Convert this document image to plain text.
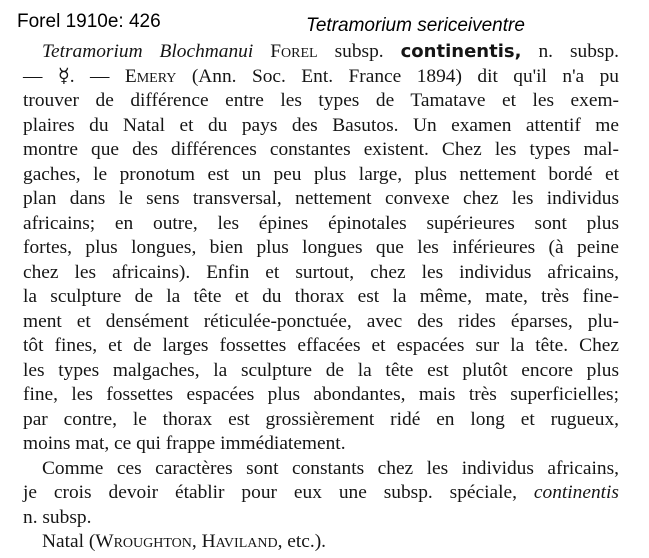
Forel 1910e: 426	Tetramorium sericeiventre
Tetramorium Blochmanui Forel subsp. continentis, n. subsp.
— ☿. — Emery (Ann. Soc. Ent. France 1894) dit qu'il n'a pu
trouver de différence entre les types de Tamatave et les exem-
plaires du Natal et du pays des Basutos. Un examen attentif me
montre que des différences constantes existent. Chez les types mal-
gaches, le pronotum est un peu plus large, plus nettement bordé et
plan dans le sens transversal, nettement convexe chez les individus
africains; en outre, les épines épinotales supérieures sont plus
fortes, plus longues, bien plus longues que les inférieures (à peine
chez les africains). Enfin et surtout, chez les individus africains,
la sculpture de la tête et du thorax est la même, mate, très fine-
ment et densément réticulée-ponctuée, avec des rides éparses, plu-
tôt fines, et de larges fossettes effacées et espacées sur la tête. Chez
les types malgaches, la sculpture de la tête est plutôt encore plus
fine, les fossettes espacées plus abondantes, mais très superficielles;
par contre, le thorax est grossièrement ridé en long et rugueux,
moins mat, ce qui frappe immédiatement.
Comme ces caractères sont constants chez les individus africains,
je crois devoir établir pour eux une subsp. spéciale, continentis
n. subsp.
Natal (Wroughton, Haviland, etc.).
